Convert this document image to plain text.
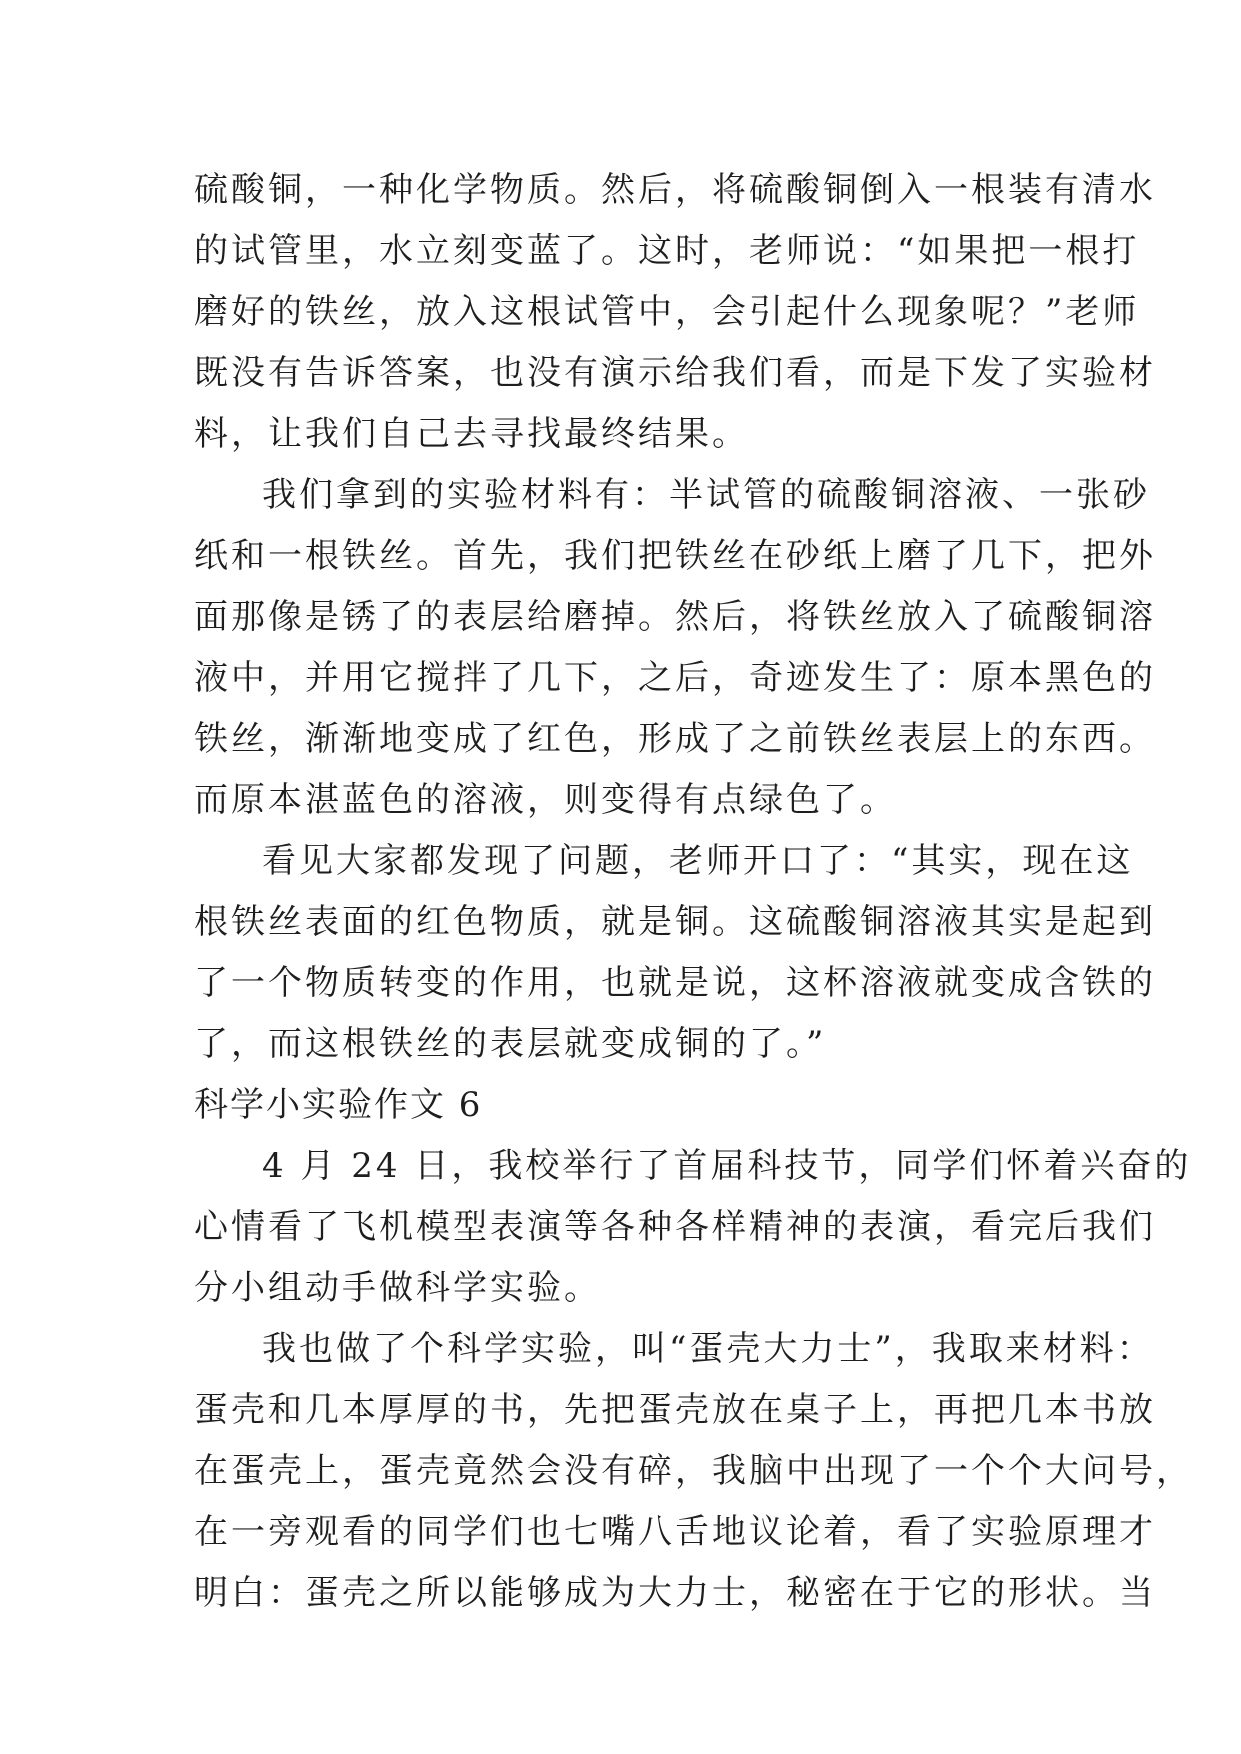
硫酸铜，一种化学物质。然后，将硫酸铜倒入一根装有清水
的试管里，水立刻变蓝了。这时，老师说：“如果把一根打
磨好的铁丝，放入这根试管中，会引起什么现象呢？”老师
既没有告诉答案，也没有演示给我们看，而是下发了实验材
料，让我们自己去寻找最终结果。
我们拿到的实验材料有：半试管的硫酸铜溶液、一张砂
纸和一根铁丝。首先，我们把铁丝在砂纸上磨了几下，把外
面那像是锈了的表层给磨掉。然后，将铁丝放入了硫酸铜溶
液中，并用它搅拌了几下，之后，奇迹发生了：原本黑色的
铁丝，渐渐地变成了红色，形成了之前铁丝表层上的东西。
而原本湛蓝色的溶液，则变得有点绿色了。
看见大家都发现了问题，老师开口了：“其实，现在这
根铁丝表面的红色物质，就是铜。这硫酸铜溶液其实是起到
了一个物质转变的作用，也就是说，这杯溶液就变成含铁的
了，而这根铁丝的表层就变成铜的了。”
科学小实验作文 6
4 月 24 日，我校举行了首届科技节，同学们怀着兴奋的
心情看了飞机模型表演等各种各样精神的表演，看完后我们
分小组动手做科学实验。
我也做了个科学实验，叫“蛋壳大力士”，我取来材料：
蛋壳和几本厚厚的书，先把蛋壳放在桌子上，再把几本书放
在蛋壳上，蛋壳竟然会没有碎，我脑中出现了一个个大问号，
在一旁观看的同学们也七嘴八舌地议论着，看了实验原理才
明白：蛋壳之所以能够成为大力士，秘密在于它的形状。当
